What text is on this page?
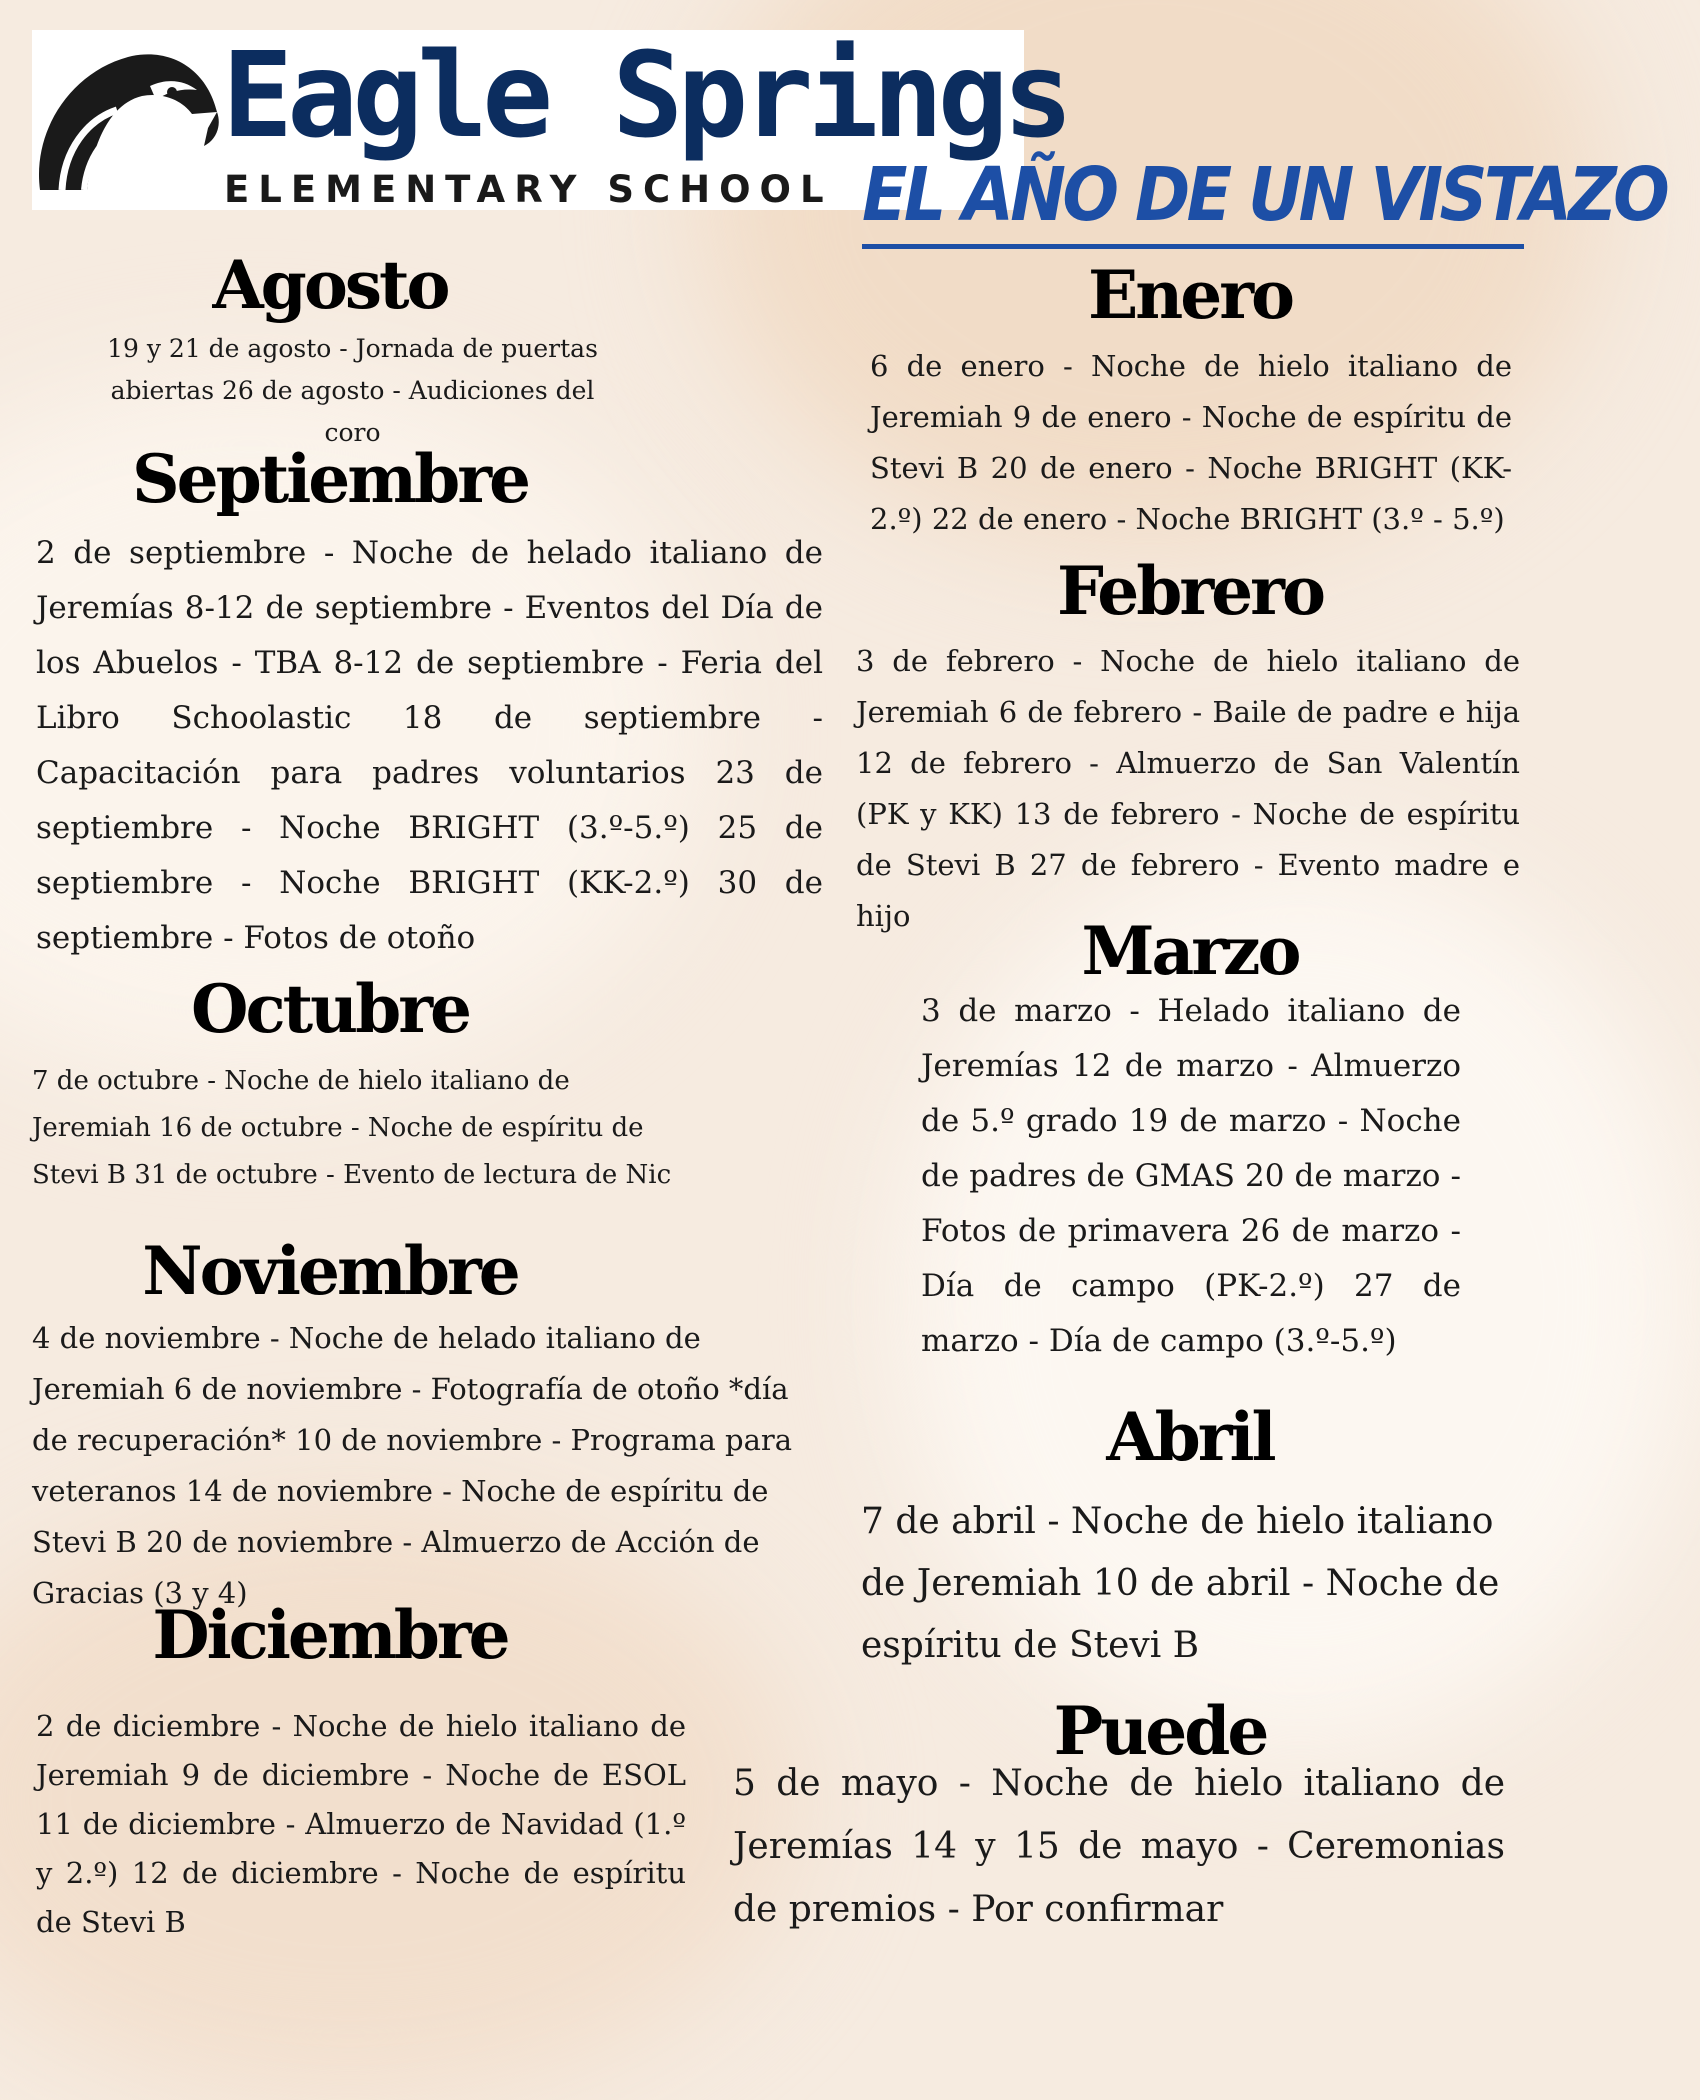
Eagle Springs
ELEMENTARY SCHOOL EL AÑO DE UN VISTAZO
Agosto

19 y 21 de agosto - Jornada de puertas abiertas 26 de agosto - Audiciones del coro

Septiembre

2 de septiembre - Noche de helado italiano de Jeremías 8-12 de septiembre - Eventos del Día de los Abuelos - TBA 8-12 de septiembre - Feria del Libro Schoolastic 18 de septiembre - Capacitación para padres voluntarios 23 de septiembre - Noche BRIGHT (3.º-5.º) 25 de septiembre - Noche BRIGHT (KK-2.º) 30 de septiembre - Fotos de otoño

Octubre

7 de octubre - Noche de hielo italiano de Jeremiah 16 de octubre - Noche de espíritu de Stevi B 31 de octubre - Evento de lectura de Nic

Noviembre

4 de noviembre - Noche de helado italiano de Jeremiah 6 de noviembre - Fotografía de otoño *día de recuperación* 10 de noviembre - Programa para veteranos 14 de noviembre - Noche de espíritu de Stevi B 20 de noviembre - Almuerzo de Acción de Gracias (3 y 4)

Diciembre

2 de diciembre - Noche de hielo italiano de Jeremiah 9 de diciembre - Noche de ESOL 11 de diciembre - Almuerzo de Navidad (1.º y 2.º) 12 de diciembre - Noche de espíritu de Stevi B

Enero

6 de enero - Noche de hielo italiano de Jeremiah 9 de enero - Noche de espíritu de Stevi B 20 de enero - Noche BRIGHT (KK-2.º) 22 de enero - Noche BRIGHT (3.º - 5.º)

Febrero

3 de febrero - Noche de hielo italiano de Jeremiah 6 de febrero - Baile de padre e hija 12 de febrero - Almuerzo de San Valentín (PK y KK) 13 de febrero - Noche de espíritu de Stevi B 27 de febrero - Evento madre e hijo	Marzo

3 de marzo - Helado italiano de Jeremías 12 de marzo - Almuerzo de 5.º grado 19 de marzo - Noche de padres de GMAS 20 de marzo - Fotos de primavera 26 de marzo - Día de campo (PK-2.º) 27 de marzo - Día de campo (3.º-5.º)

Abril

7 de abril - Noche de hielo italiano de Jeremiah 10 de abril - Noche de espíritu de Stevi B

Puede

5 de mayo - Noche de hielo italiano de Jeremías 14 y 15 de mayo - Ceremonias de premios - Por confirmar
